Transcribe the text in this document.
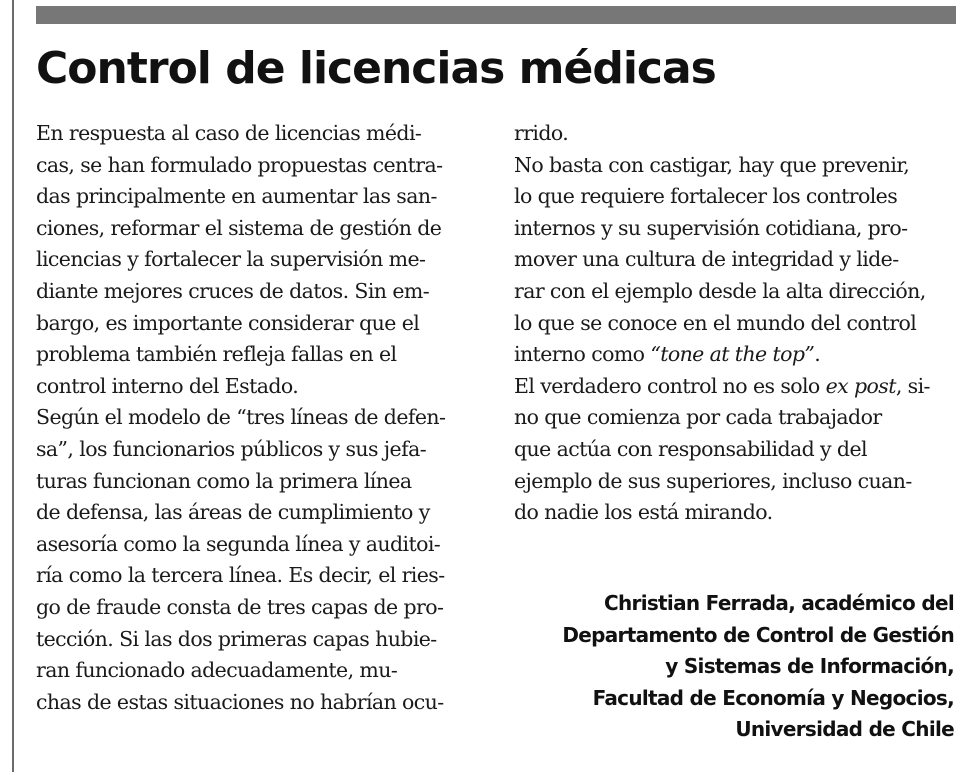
Control de licencias médicas
En respuesta al caso de licencias médi-
cas, se han formulado propuestas centra-
das principalmente en aumentar las san-
ciones, reformar el sistema de gestión de
licencias y fortalecer la supervisión me-
diante mejores cruces de datos. Sin em-
bargo, es importante considerar que el
problema también refleja fallas en el
control interno del Estado.
Según el modelo de “tres líneas de defen-
sa”, los funcionarios públicos y sus jefa-
turas funcionan como la primera línea
de defensa, las áreas de cumplimiento y
asesoría como la segunda línea y auditoi-
ría como la tercera línea. Es decir, el ries-
go de fraude consta de tres capas de pro-
tección. Si las dos primeras capas hubie-
ran funcionado adecuadamente, mu-
chas de estas situaciones no habrían ocu-
rrido.
No basta con castigar, hay que prevenir,
lo que requiere fortalecer los controles
internos y su supervisión cotidiana, pro-
mover una cultura de integridad y lide-
rar con el ejemplo desde la alta dirección,
lo que se conoce en el mundo del control
interno como “tone at the top”.
El verdadero control no es solo ex post, si-
no que comienza por cada trabajador
que actúa con responsabilidad y del
ejemplo de sus superiores, incluso cuan-
do nadie los está mirando.
Christian Ferrada, académico del
Departamento de Control de Gestión
y Sistemas de Información,
Facultad de Economía y Negocios,
Universidad de Chile
